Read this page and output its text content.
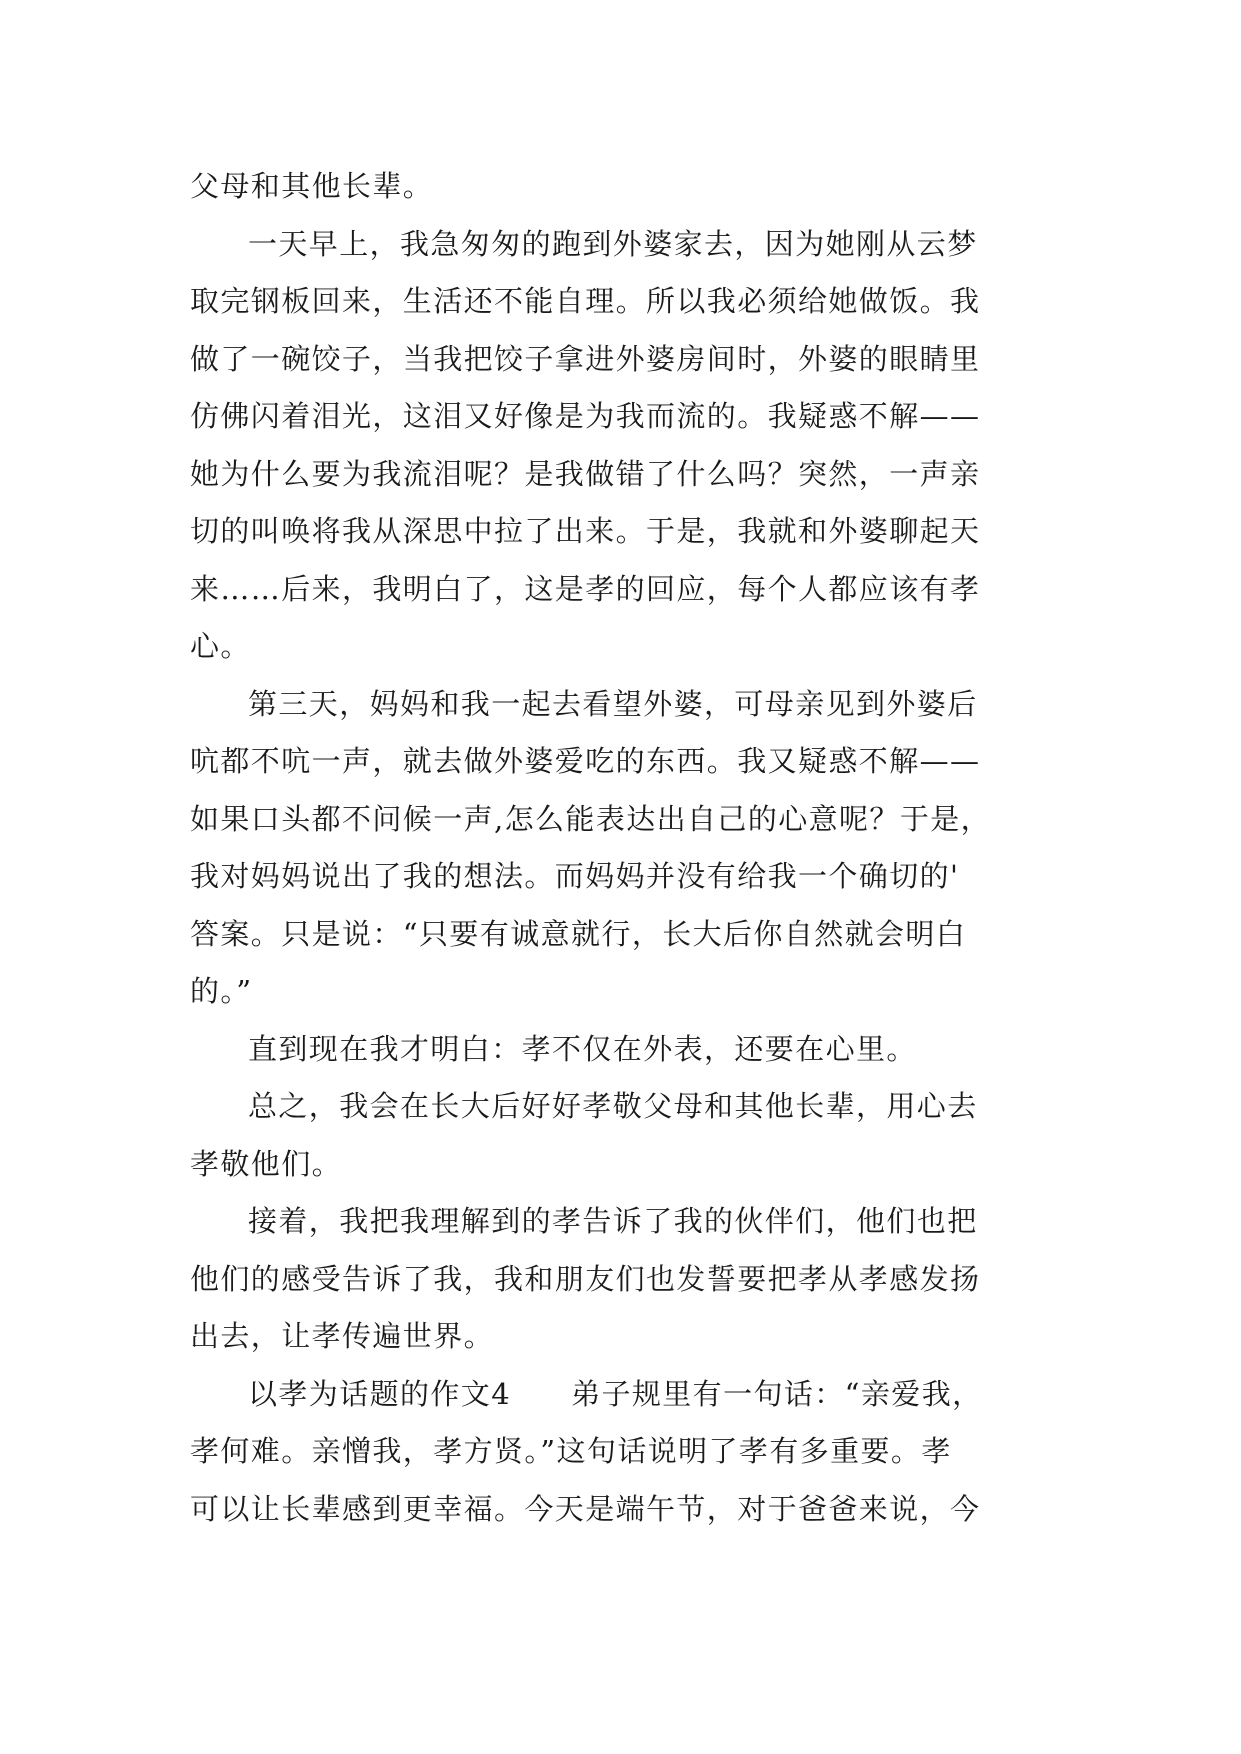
父母和其他长辈。
一天早上，我急匆匆的跑到外婆家去，因为她刚从云梦
取完钢板回来，生活还不能自理。所以我必须给她做饭。我
做了一碗饺子，当我把饺子拿进外婆房间时，外婆的眼睛里
仿佛闪着泪光，这泪又好像是为我而流的。我疑惑不解——
她为什么要为我流泪呢？是我做错了什么吗？突然，一声亲
切的叫唤将我从深思中拉了出来。于是，我就和外婆聊起天
来……后来，我明白了，这是孝的回应，每个人都应该有孝
心。
第三天，妈妈和我一起去看望外婆，可母亲见到外婆后
吭都不吭一声，就去做外婆爱吃的东西。我又疑惑不解——
如果口头都不问候一声,怎么能表达出自己的心意呢？于是，
我对妈妈说出了我的想法。而妈妈并没有给我一个确切的'
答案。只是说：“只要有诚意就行，长大后你自然就会明白
的。”
直到现在我才明白：孝不仅在外表，还要在心里。
总之，我会在长大后好好孝敬父母和其他长辈，用心去
孝敬他们。
接着，我把我理解到的孝告诉了我的伙伴们，他们也把
他们的感受告诉了我，我和朋友们也发誓要把孝从孝感发扬
出去，让孝传遍世界。
以孝为话题的作文4 弟子规里有一句话：“亲爱我，
孝何难。亲憎我，孝方贤。”这句话说明了孝有多重要。孝
可以让长辈感到更幸福。今天是端午节，对于爸爸来说，今
